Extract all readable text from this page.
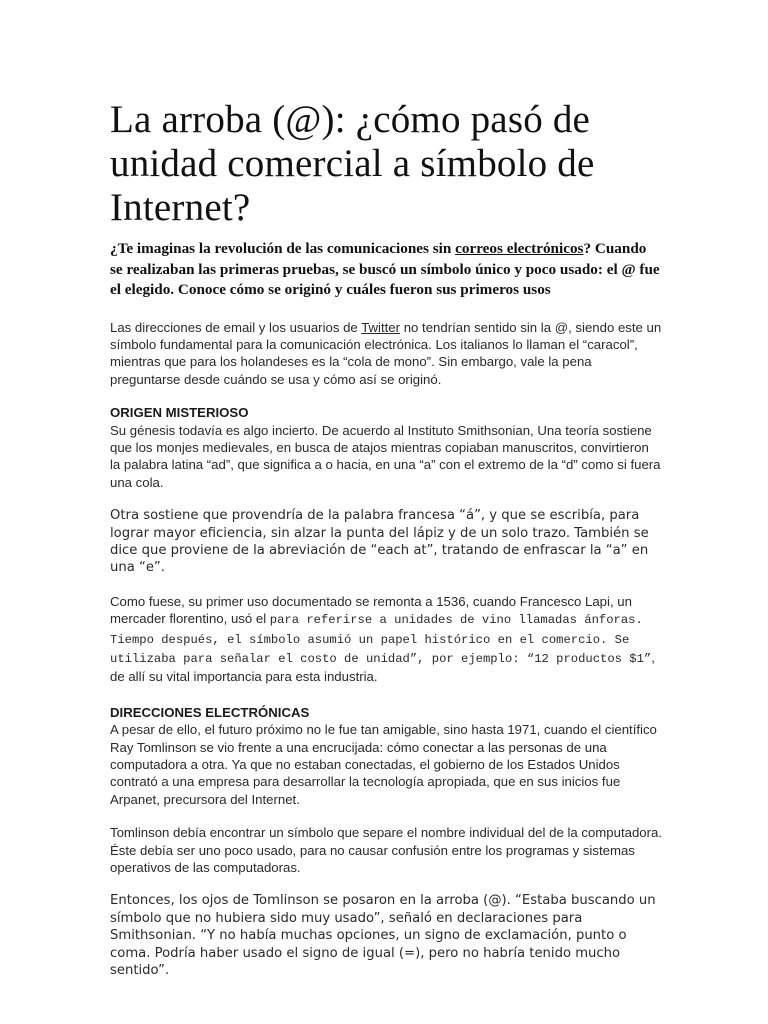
La arroba (@): ¿cómo pasó de unidad comercial a símbolo de Internet?

¿Te imaginas la revolución de las comunicaciones sin correos electrónicos? Cuando se realizaban las primeras pruebas, se buscó un símbolo único y poco usado: el @ fue el elegido. Conoce cómo se originó y cuáles fueron sus primeros usos

Las direcciones de email y los usuarios de Twitter no tendrían sentido sin la @, siendo este un símbolo fundamental para la comunicación electrónica. Los italianos lo llaman el “caracol”, mientras que para los holandeses es la “cola de mono”. Sin embargo, vale la pena preguntarse desde cuándo se usa y cómo así se originó.

ORIGEN MISTERIOSO

Su génesis todavía es algo incierto. De acuerdo al Instituto Smithsonian, Una teoría sostiene que los monjes medievales, en busca de atajos mientras copiaban manuscritos, convirtieron la palabra latina “ad”, que significa a o hacia, en una “a” con el extremo de la “d” como si fuera una cola.

Otra sostiene que provendría de la palabra francesa “á”, y que se escribía, para lograr mayor eficiencia, sin alzar la punta del lápiz y de un solo trazo. También se dice que proviene de la abreviación de “each at”, tratando de enfrascar la “a” en una “e”.

Como fuese, su primer uso documentado se remonta a 1536, cuando Francesco Lapi, un mercader florentino, usó el para referirse a unidades de vino llamadas ánforas. Tiempo después, el símbolo asumió un papel histórico en el comercio. Se utilizaba para señalar el costo de unidad”, por ejemplo: “12 productos $1”, de allí su vital importancia para esta industria.

DIRECCIONES ELECTRÓNICAS

A pesar de ello, el futuro próximo no le fue tan amigable, sino hasta 1971, cuando el científico Ray Tomlinson se vio frente a una encrucijada: cómo conectar a las personas de una computadora a otra. Ya que no estaban conectadas, el gobierno de los Estados Unidos contrató a una empresa para desarrollar la tecnología apropiada, que en sus inicios fue Arpanet, precursora del Internet.

Tomlinson debía encontrar un símbolo que separe el nombre individual del de la computadora. Éste debía ser uno poco usado, para no causar confusión entre los programas y sistemas operativos de las computadoras.

Entonces, los ojos de Tomlinson se posaron en la arroba (@). “Estaba buscando un símbolo que no hubiera sido muy usado”, señaló en declaraciones para Smithsonian. “Y no había muchas opciones, un signo de exclamación, punto o coma. Podría haber usado el signo de igual (=), pero no habría tenido mucho sentido”.
